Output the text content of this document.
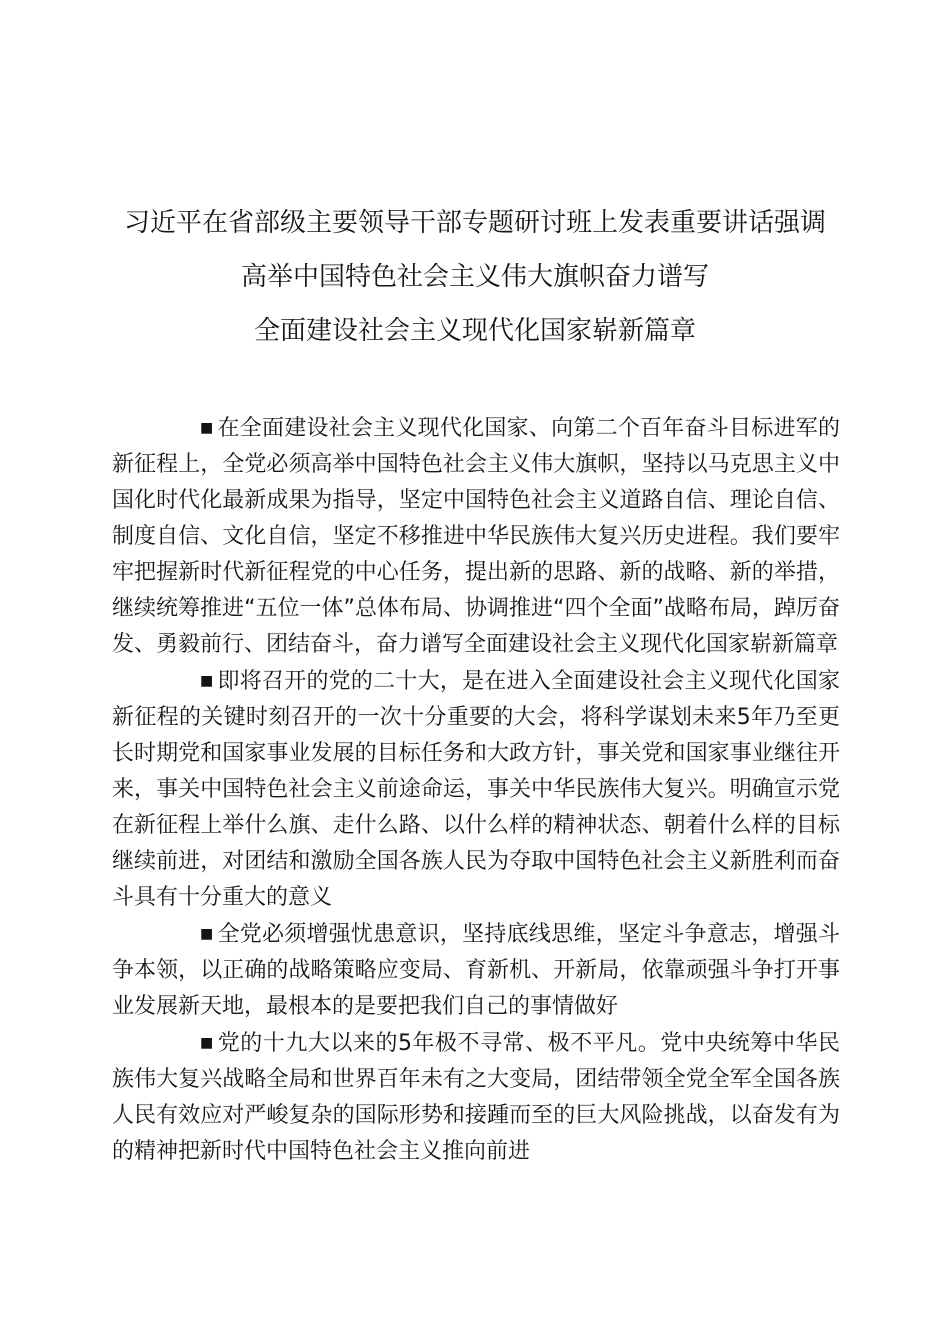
习近平在省部级主要领导干部专题研讨班上发表重要讲话强调
高举中国特色社会主义伟大旗帜奋力谱写
全面建设社会主义现代化国家崭新篇章

■ 在全面建设社会主义现代化国家、向第二个百年奋斗目标进军的新征程上，全党必须高举中国特色社会主义伟大旗帜，坚持以马克思主义中国化时代化最新成果为指导，坚定中国特色社会主义道路自信、理论自信、制度自信、文化自信，坚定不移推进中华民族伟大复兴历史进程。我们要牢牢把握新时代新征程党的中心任务，提出新的思路、新的战略、新的举措，继续统筹推进“五位一体”总体布局、协调推进“四个全面”战略布局，踔厉奋发、勇毅前行、团结奋斗，奋力谱写全面建设社会主义现代化国家崭新篇章

■ 即将召开的党的二十大，是在进入全面建设社会主义现代化国家新征程的关键时刻召开的一次十分重要的大会，将科学谋划未来5年乃至更长时期党和国家事业发展的目标任务和大政方针，事关党和国家事业继往开来，事关中国特色社会主义前途命运，事关中华民族伟大复兴。明确宣示党在新征程上举什么旗、走什么路、以什么样的精神状态、朝着什么样的目标继续前进，对团结和激励全国各族人民为夺取中国特色社会主义新胜利而奋斗具有十分重大的意义

■ 全党必须增强忧患意识，坚持底线思维，坚定斗争意志，增强斗争本领，以正确的战略策略应变局、育新机、开新局，依靠顽强斗争打开事业发展新天地，最根本的是要把我们自己的事情做好

■ 党的十九大以来的5年极不寻常、极不平凡。党中央统筹中华民族伟大复兴战略全局和世界百年未有之大变局，团结带领全党全军全国各族人民有效应对严峻复杂的国际形势和接踵而至的巨大风险挑战，以奋发有为的精神把新时代中国特色社会主义推向前进
